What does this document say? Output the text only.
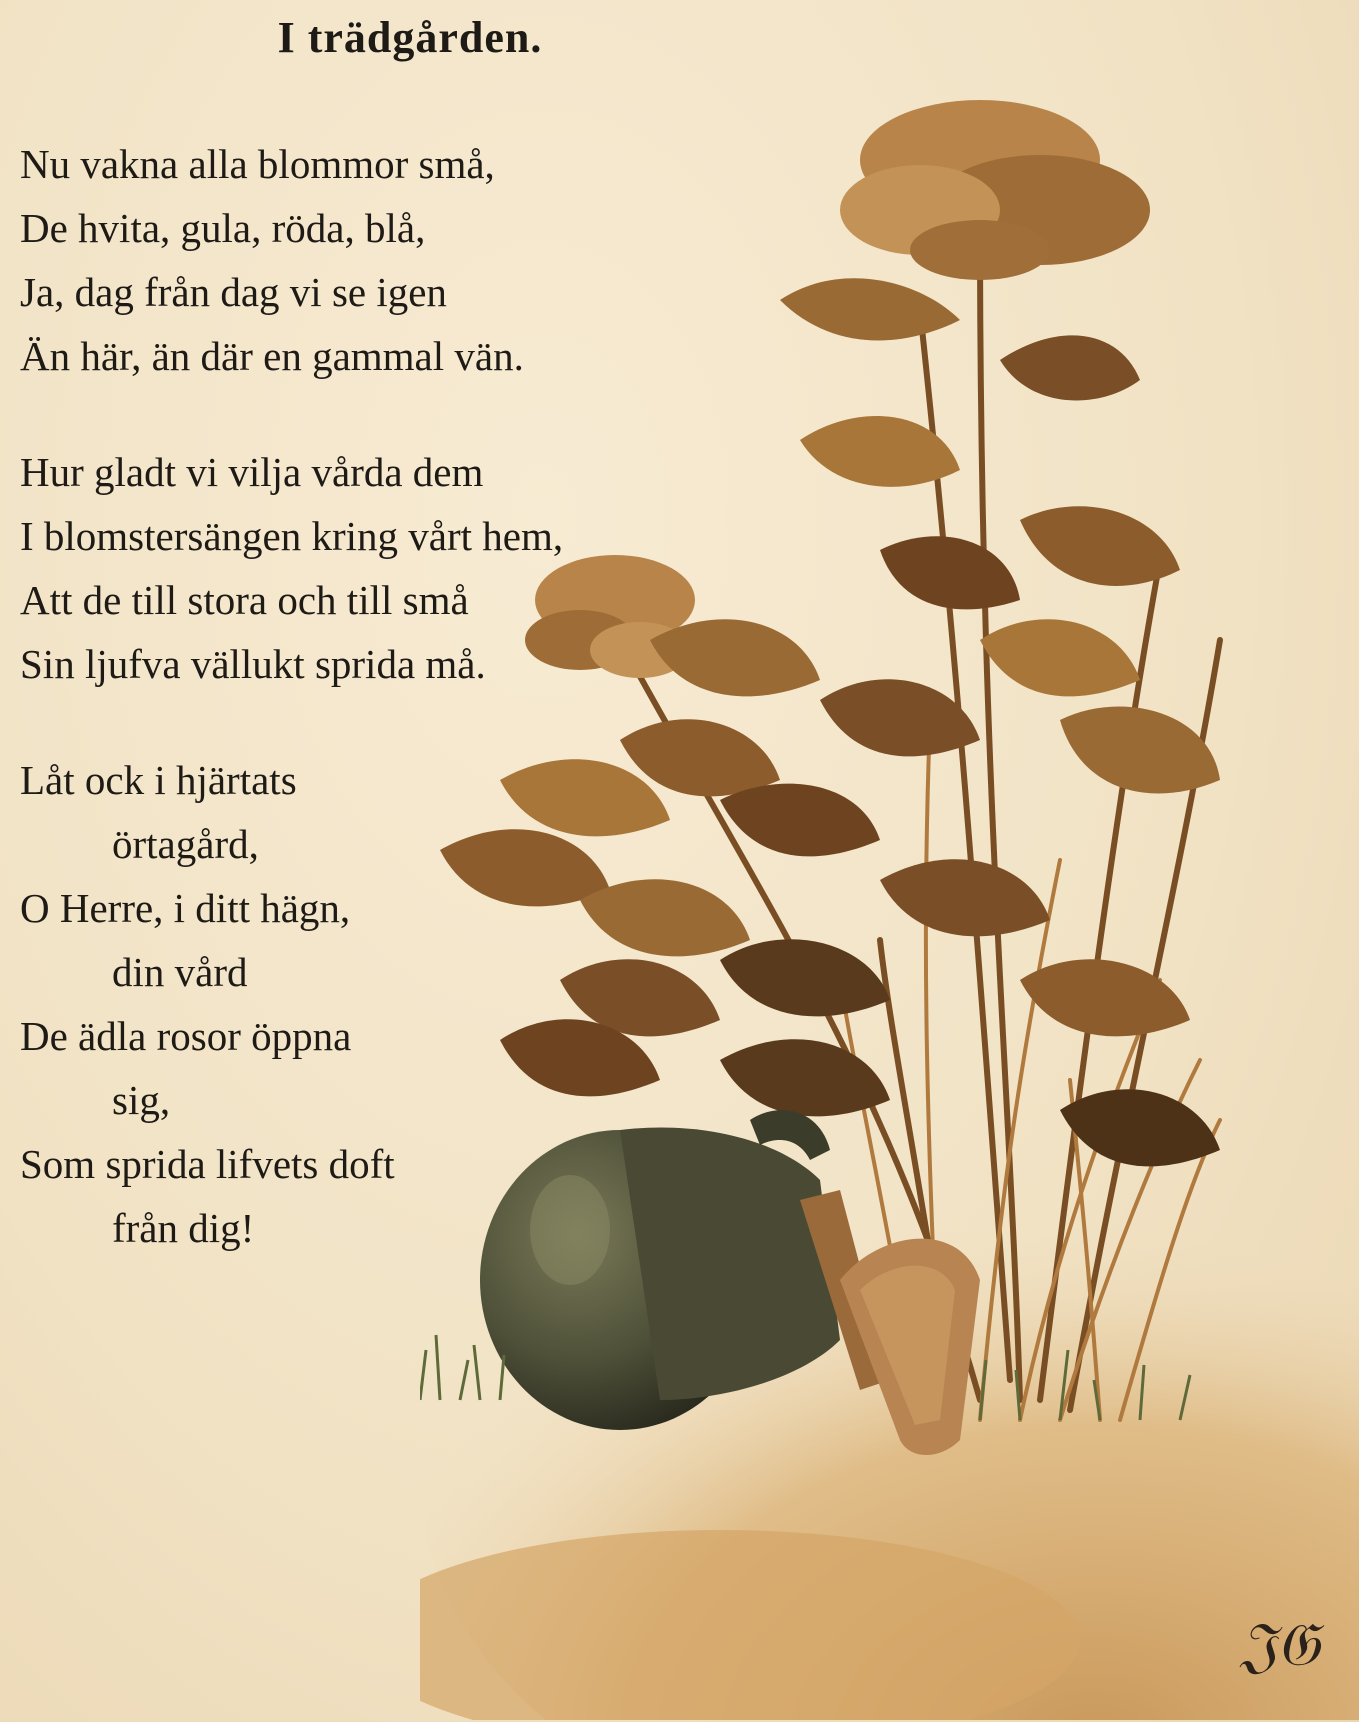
I trädgården.
Nu vakna alla blommor små,
De hvita, gula, röda, blå,
Ja, dag från dag vi se igen
Än här, än där en gammal vän.
Hur gladt vi vilja vårda dem
I blomstersängen kring vårt hem,
Att de till stora och till små
Sin ljufva vällukt sprida må.
Låt ock i hjärtats
örtagård,
O Herre, i ditt hägn,
din vård
De ädla rosor öppna
sig,
Som sprida lifvets doft
från dig!
𝔍𝔊
